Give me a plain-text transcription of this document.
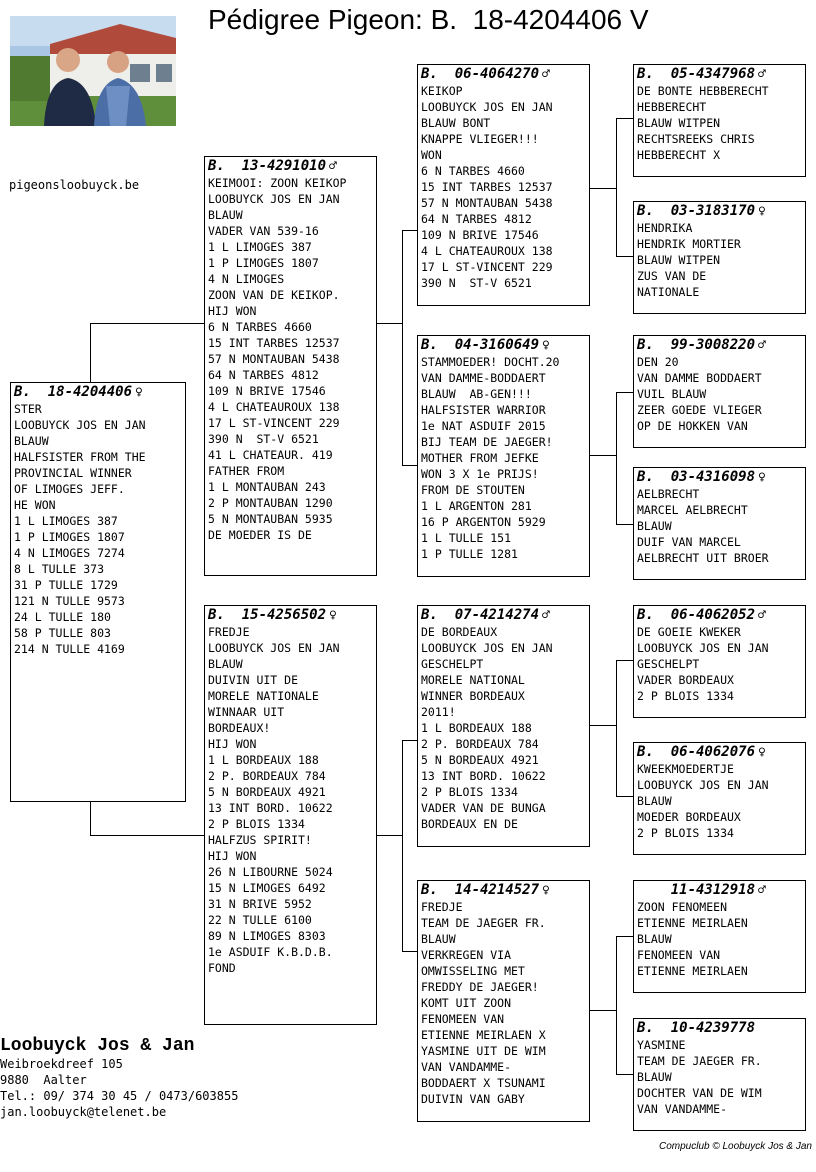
Pédigree Pigeon: B.  18-4204406 V
pigeonsloobuyck.be
B.  18-4204406 ♀
STER
LOOBUYCK JOS EN JAN
BLAUW
HALFSISTER FROM THE
PROVINCIAL WINNER
OF LIMOGES JEFF.
HE WON
1 L LIMOGES 387
1 P LIMOGES 1807
4 N LIMOGES 7274
8 L TULLE 373
31 P TULLE 1729
121 N TULLE 9573
24 L TULLE 180
58 P TULLE 803
214 N TULLE 4169
B.  13-4291010 ♂
KEIMOOI: ZOON KEIKOP
LOOBUYCK JOS EN JAN
BLAUW
VADER VAN 539-16
1 L LIMOGES 387
1 P LIMOGES 1807
4 N LIMOGES
ZOON VAN DE KEIKOP.
HIJ WON
6 N TARBES 4660
15 INT TARBES 12537
57 N MONTAUBAN 5438
64 N TARBES 4812
109 N BRIVE 17546
4 L CHATEAUROUX 138
17 L ST-VINCENT 229
390 N  ST-V 6521
41 L CHATEAUR. 419
FATHER FROM
1 L MONTAUBAN 243
2 P MONTAUBAN 1290
5 N MONTAUBAN 5935
DE MOEDER IS DE
B.  15-4256502 ♀
FREDJE
LOOBUYCK JOS EN JAN
BLAUW
DUIVIN UIT DE
MORELE NATIONALE
WINNAAR UIT
BORDEAUX!
HIJ WON
1 L BORDEAUX 188
2 P. BORDEAUX 784
5 N BORDEAUX 4921
13 INT BORD. 10622
2 P BLOIS 1334
HALFZUS SPIRIT!
HIJ WON
26 N LIBOURNE 5024
15 N LIMOGES 6492
31 N BRIVE 5952
22 N TULLE 6100
89 N LIMOGES 8303
1e ASDUIF K.B.D.B.
FOND
B.  06-4064270 ♂
KEIKOP
LOOBUYCK JOS EN JAN
BLAUW BONT
KNAPPE VLIEGER!!!
WON
6 N TARBES 4660
15 INT TARBES 12537
57 N MONTAUBAN 5438
64 N TARBES 4812
109 N BRIVE 17546
4 L CHATEAUROUX 138
17 L ST-VINCENT 229
390 N  ST-V 6521
B.  04-3160649 ♀
STAMMOEDER! DOCHT.20
VAN DAMME-BODDAERT
BLAUW  AB-GEN!!!
HALFSISTER WARRIOR
1e NAT ASDUIF 2015
BIJ TEAM DE JAEGER!
MOTHER FROM JEFKE
WON 3 X 1e PRIJS!
FROM DE STOUTEN
1 L ARGENTON 281
16 P ARGENTON 5929
1 L TULLE 151
1 P TULLE 1281
B.  07-4214274 ♂
DE BORDEAUX
LOOBUYCK JOS EN JAN
GESCHELPT
MORELE NATIONAL
WINNER BORDEAUX
2011!
1 L BORDEAUX 188
2 P. BORDEAUX 784
5 N BORDEAUX 4921
13 INT BORD. 10622
2 P BLOIS 1334
VADER VAN DE BUNGA
BORDEAUX EN DE
B.  14-4214527 ♀
FREDJE
TEAM DE JAEGER FR.
BLAUW
VERKREGEN VIA
OMWISSELING MET
FREDDY DE JAEGER!
KOMT UIT ZOON
FENOMEEN VAN
ETIENNE MEIRLAEN X
YASMINE UIT DE WIM
VAN VANDAMME-
BODDAERT X TSUNAMI
DUIVIN VAN GABY
B.  05-4347968 ♂
DE BONTE HEBBERECHT
HEBBERECHT
BLAUW WITPEN
RECHTSREEKS CHRIS
HEBBERECHT X
B.  03-3183170 ♀
HENDRIKA
HENDRIK MORTIER
BLAUW WITPEN
ZUS VAN DE
NATIONALE
B.  99-3008220 ♂
DEN 20
VAN DAMME BODDAERT
VUIL BLAUW
ZEER GOEDE VLIEGER
OP DE HOKKEN VAN
B.  03-4316098 ♀
AELBRECHT
MARCEL AELBRECHT
BLAUW
DUIF VAN MARCEL
AELBRECHT UIT BROER
B.  06-4062052 ♂
DE GOEIE KWEKER
LOOBUYCK JOS EN JAN
GESCHELPT
VADER BORDEAUX
2 P BLOIS 1334
B.  06-4062076 ♀
KWEEKMOEDERTJE
LOOBUYCK JOS EN JAN
BLAUW
MOEDER BORDEAUX
2 P BLOIS 1334
11-4312918 ♂
ZOON FENOMEEN
ETIENNE MEIRLAEN
BLAUW
FENOMEEN VAN
ETIENNE MEIRLAEN
B.  10-4239778
YASMINE
TEAM DE JAEGER FR.
BLAUW
DOCHTER VAN DE WIM
VAN VANDAMME-
Loobuyck Jos & Jan
Weibroekdreef 105
9880  Aalter
Tel.: 09/ 374 30 45 / 0473/603855
jan.loobuyck@telenet.be
Compuclub © Loobuyck Jos & Jan
